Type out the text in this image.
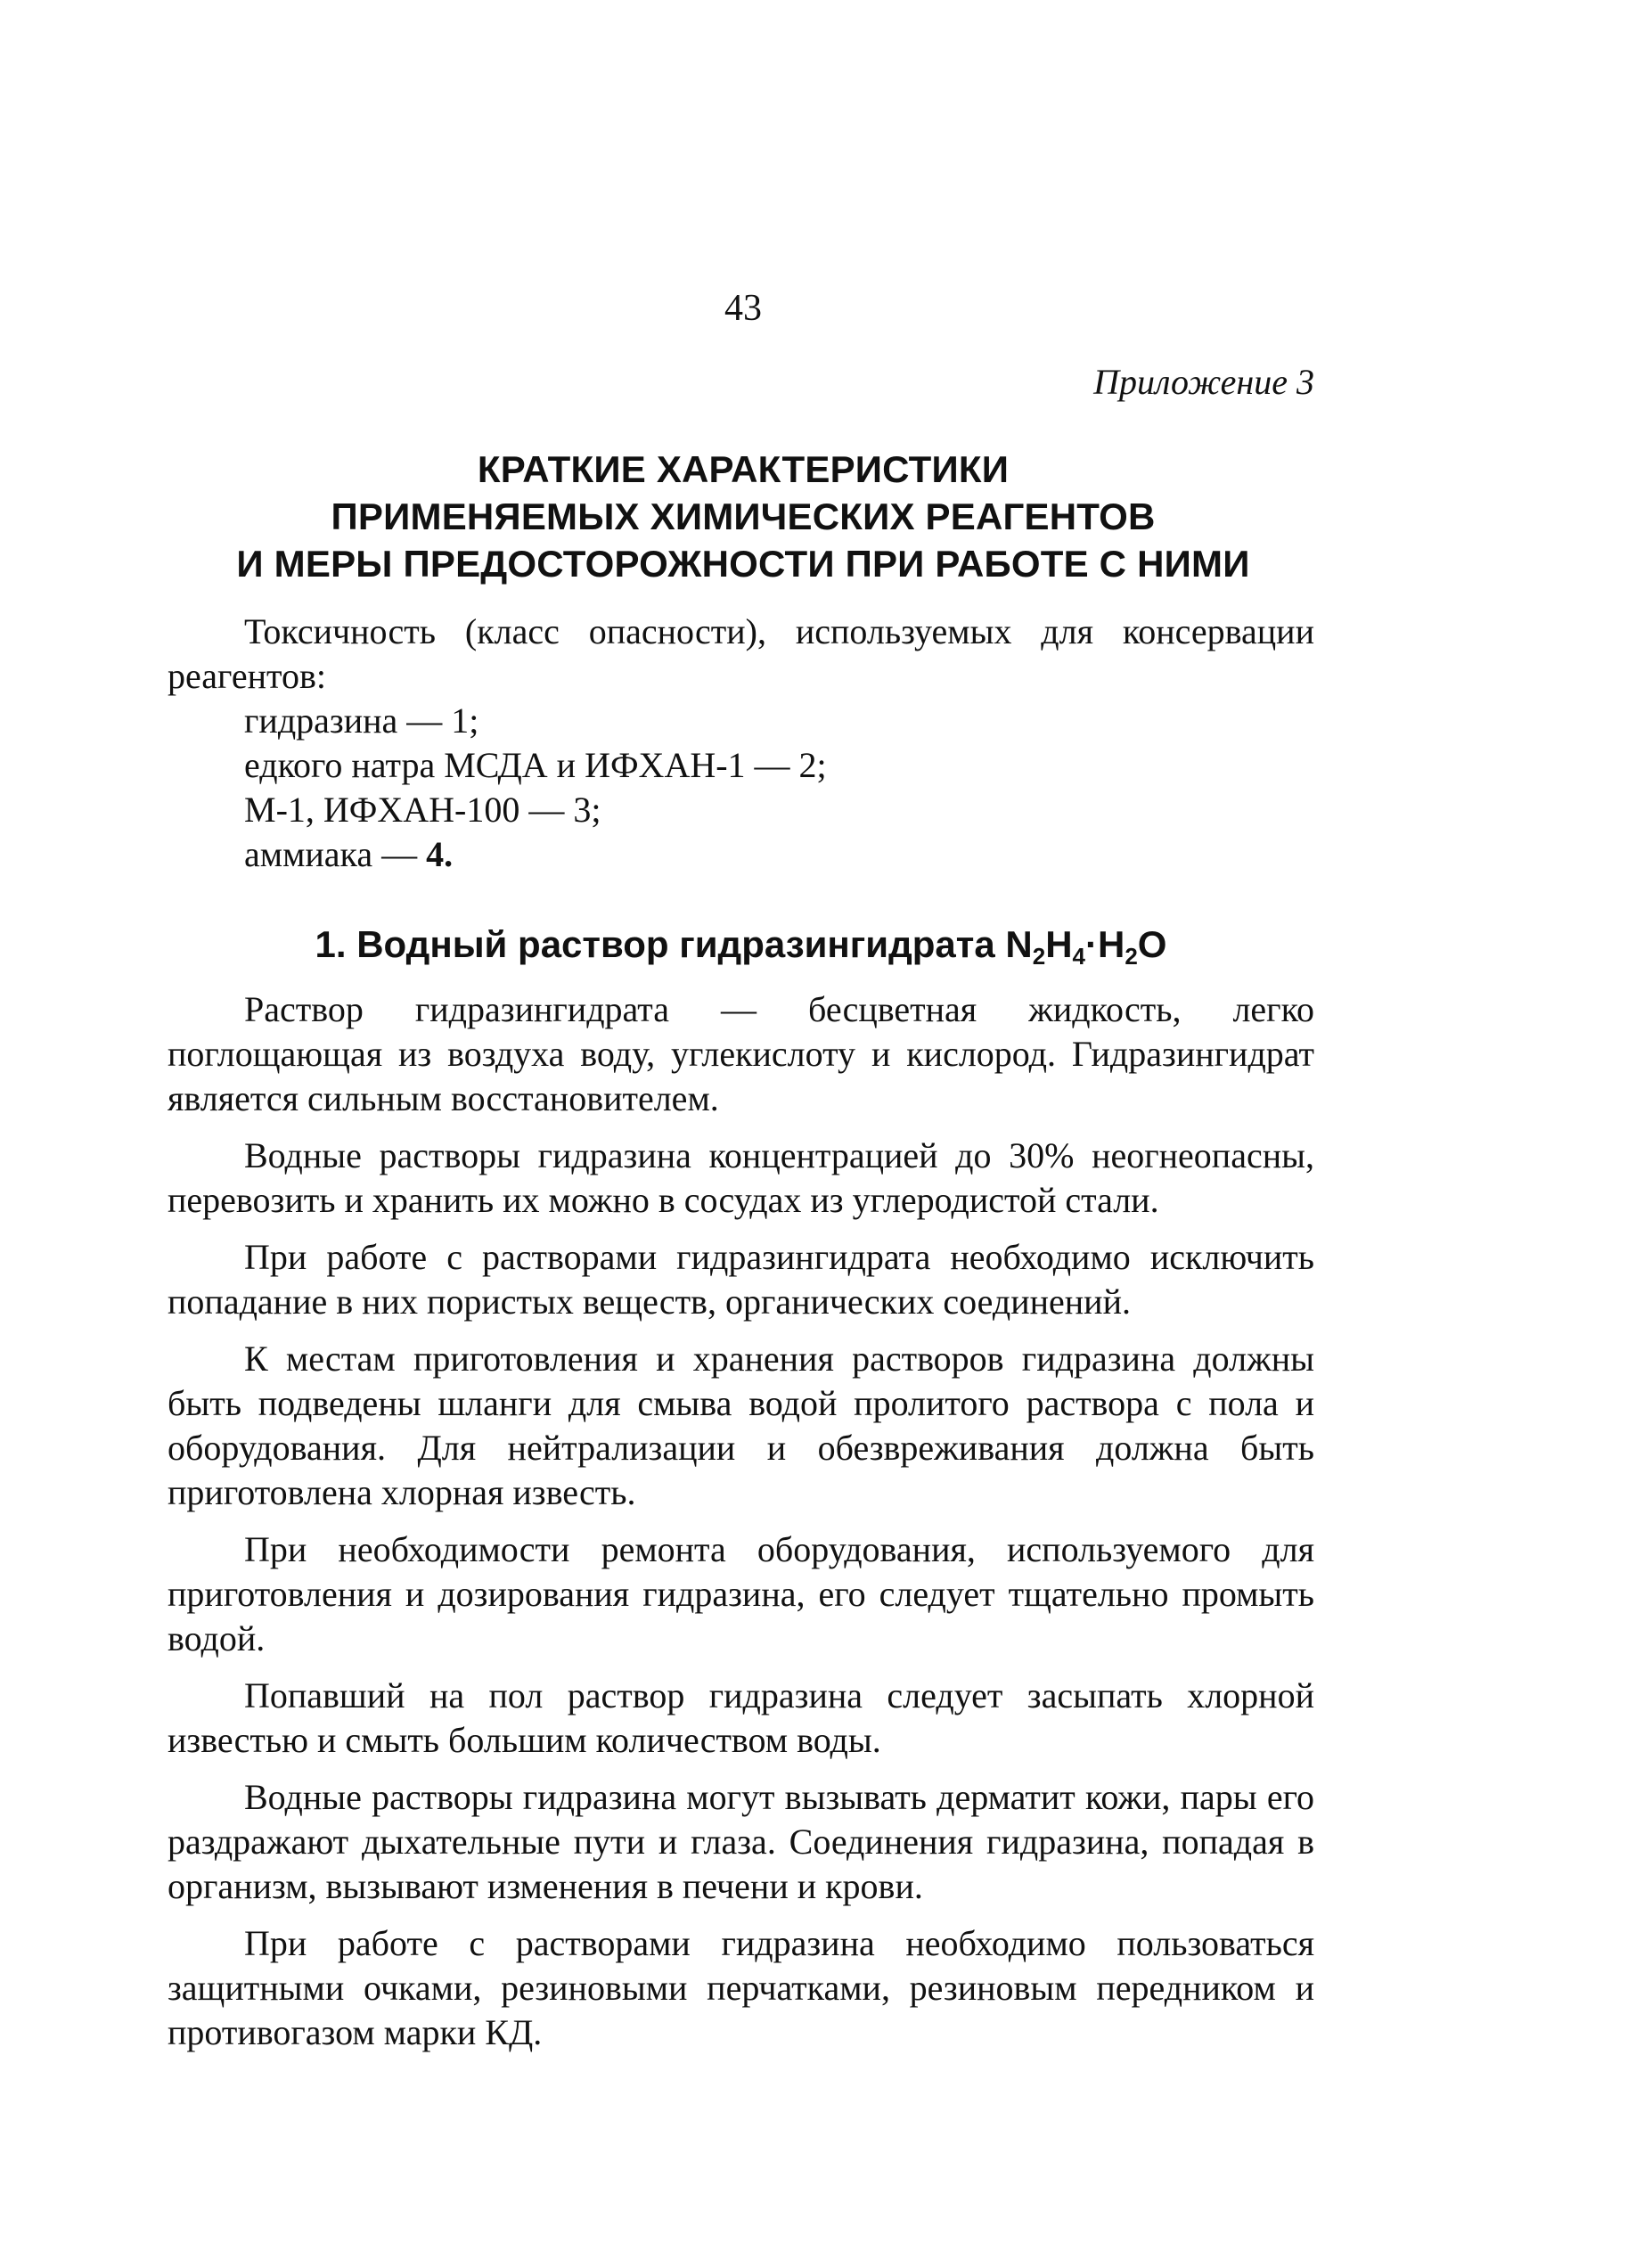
43
Приложение 3
КРАТКИЕ ХАРАКТЕРИСТИКИ
ПРИМЕНЯЕМЫХ ХИМИЧЕСКИХ РЕАГЕНТОВ
И МЕРЫ ПРЕДОСТОРОЖНОСТИ ПРИ РАБОТЕ С НИМИ

Токсичность (класс опасности), используемых для консервации реагентов:

гидразина — 1;

едкого натра МСДА и ИФХАН-1 — 2;

М-1, ИФХАН-100 — 3;

аммиака — 4.

1. Водный раствор гидразингидрата $N_2H_4\cdot H_2O$

Раствор гидразингидрата — бесцветная жидкость, легко поглощающая из воздуха воду, углекислоту и кислород. Гидразингидрат является сильным восстановителем.

Водные растворы гидразина концентрацией до 30% неогнеопасны, перевозить и хранить их можно в сосудах из углеродистой стали.

При работе с растворами гидразингидрата необходимо исключить попадание в них пористых веществ, органических соединений.

К местам приготовления и хранения растворов гидразина должны быть подведены шланги для смыва водой пролитого раствора с пола и оборудования. Для нейтрализации и обезвреживания должна быть приготовлена хлорная известь.

При необходимости ремонта оборудования, используемого для приготовления и дозирования гидразина, его следует тщательно промыть водой.

Попавший на пол раствор гидразина следует засыпать хлорной известью и смыть большим количеством воды.

Водные растворы гидразина могут вызывать дерматит кожи, пары его раздражают дыхательные пути и глаза. Соединения гидразина, попадая в организм, вызывают изменения в печени и крови.

При работе с растворами гидразина необходимо пользоваться защитными очками, резиновыми перчатками, резиновым передником и противогазом марки КД.
